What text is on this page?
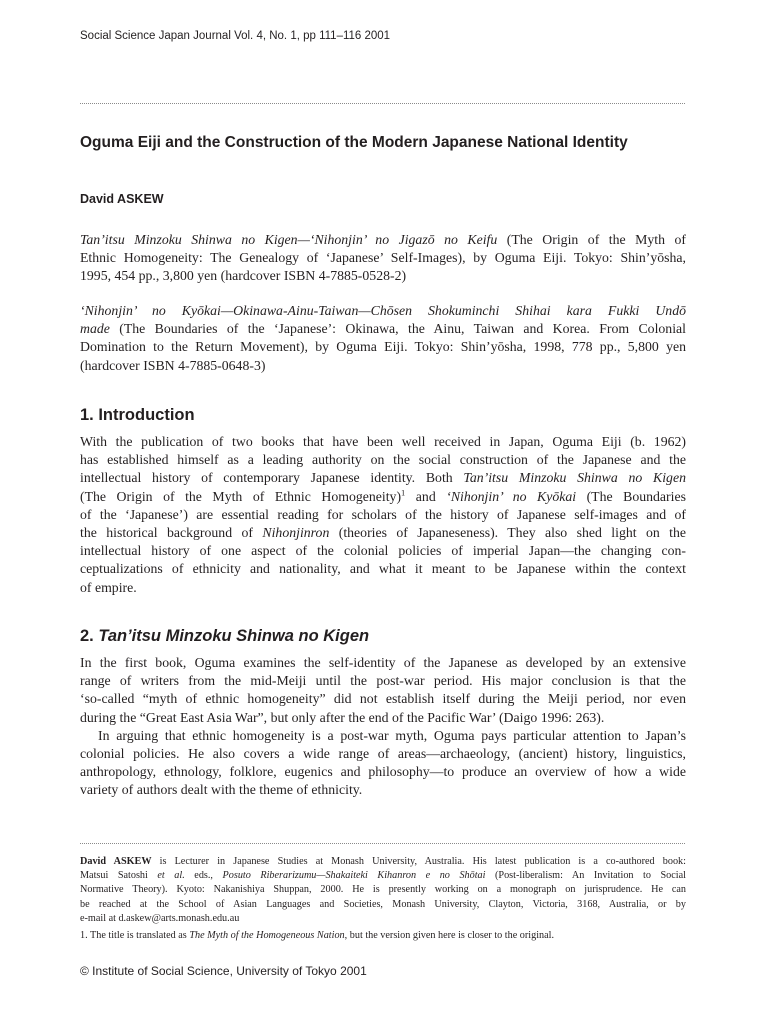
Social Science Japan Journal Vol. 4, No. 1, pp 111–116 2001
Oguma Eiji and the Construction of the Modern Japanese National Identity
David ASKEW
Tan’itsu Minzoku Shinwa no Kigen—‘Nihonjin’ no Jigazō no Keifu (The Origin of the Myth of
Ethnic Homogeneity: The Genealogy of ‘Japanese’ Self-Images), by Oguma Eiji. Tokyo: Shin’yōsha,
1995, 454 pp., 3,800 yen (hardcover ISBN 4-7885-0528-2)
‘Nihonjin’ no Kyōkai—Okinawa-Ainu-Taiwan—Chōsen Shokuminchi Shihai kara Fukki Undō
made (The Boundaries of the ‘Japanese’: Okinawa, the Ainu, Taiwan and Korea. From Colonial
Domination to the Return Movement), by Oguma Eiji. Tokyo: Shin’yōsha, 1998, 778 pp., 5,800 yen
(hardcover ISBN 4-7885-0648-3)
1. Introduction
With the publication of two books that have been well received in Japan, Oguma Eiji (b. 1962)
has established himself as a leading authority on the social construction of the Japanese and the
intellectual history of contemporary Japanese identity. Both Tan’itsu Minzoku Shinwa no Kigen
(The Origin of the Myth of Ethnic Homogeneity)$^1$ and ‘Nihonjin’ no Kyōkai (The Boundaries
of the ‘Japanese’) are essential reading for scholars of the history of Japanese self-images and of
the historical background of Nihonjinron (theories of Japaneseness). They also shed light on the
intellectual history of one aspect of the colonial policies of imperial Japan—the changing con-
ceptualizations of ethnicity and nationality, and what it meant to be Japanese within the context
of empire.
2. Tan’itsu Minzoku Shinwa no Kigen
In the first book, Oguma examines the self-identity of the Japanese as developed by an extensive
range of writers from the mid-Meiji until the post-war period. His major conclusion is that the
‘so-called “myth of ethnic homogeneity” did not establish itself during the Meiji period, nor even
during the “Great East Asia War”, but only after the end of the Pacific War’ (Daigo 1996: 263).
In arguing that ethnic homogeneity is a post-war myth, Oguma pays particular attention to Japan’s
colonial policies. He also covers a wide range of areas—archaeology, (ancient) history, linguistics,
anthropology, ethnology, folklore, eugenics and philosophy—to produce an overview of how a wide
variety of authors dealt with the theme of ethnicity.
David ASKEW is Lecturer in Japanese Studies at Monash University, Australia. His latest publication is a co-authored book:
Matsui Satoshi et al. eds., Posuto Riberarizumu—Shakaiteki Kihanron e no Shōtai (Post-liberalism: An Invitation to Social
Normative Theory). Kyoto: Nakanishiya Shuppan, 2000. He is presently working on a monograph on jurisprudence. He can
be reached at the School of Asian Languages and Societies, Monash University, Clayton, Victoria, 3168, Australia, or by
e-mail at d.askew@arts.monash.edu.au
1. The title is translated as The Myth of the Homogeneous Nation, but the version given here is closer to the original.
© Institute of Social Science, University of Tokyo 2001
